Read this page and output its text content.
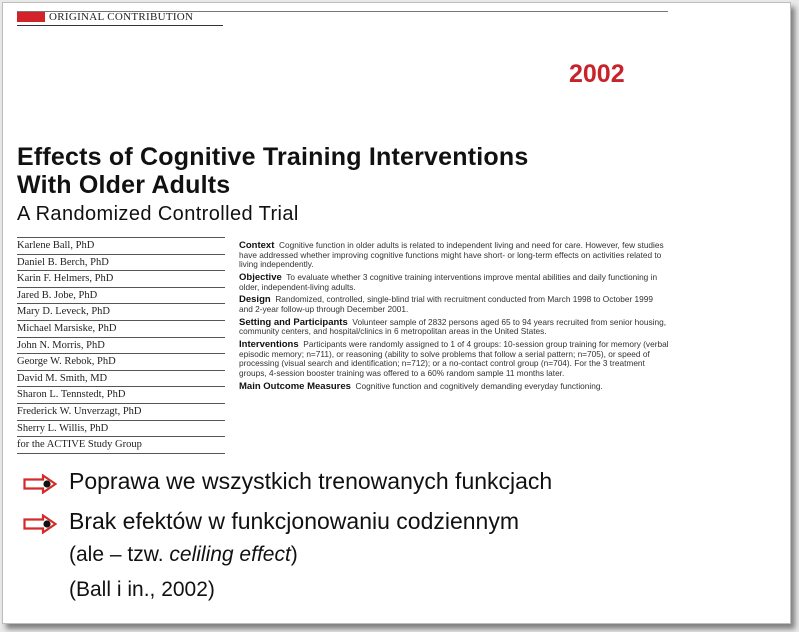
ORIGINAL CONTRIBUTION
2002
Effects of Cognitive Training Interventions
With Older Adults
A Randomized Controlled Trial
Karlene Ball, PhD
Daniel B. Berch, PhD
Karin F. Helmers, PhD
Jared B. Jobe, PhD
Mary D. Leveck, PhD
Michael Marsiske, PhD
John N. Morris, PhD
George W. Rebok, PhD
David M. Smith, MD
Sharon L. Tennstedt, PhD
Frederick W. Unverzagt, PhD
Sherry L. Willis, PhD
for the ACTIVE Study Group
Context Cognitive function in older adults is related to independent living and need for care. However, few studies have addressed whether improving cognitive functions might have short- or long-term effects on activities related to living independently.
Objective To evaluate whether 3 cognitive training interventions improve mental abilities and daily functioning in older, independent-living adults.
Design Randomized, controlled, single-blind trial with recruitment conducted from March 1998 to October 1999 and 2-year follow-up through December 2001.
Setting and Participants Volunteer sample of 2832 persons aged 65 to 94 years recruited from senior housing, community centers, and hospital/clinics in 6 metropolitan areas in the United States.
Interventions Participants were randomly assigned to 1 of 4 groups: 10-session group training for memory (verbal episodic memory; n=711), or reasoning (ability to solve problems that follow a serial pattern; n=705), or speed of processing (visual search and identification; n=712); or a no-contact control group (n=704). For the 3 treatment groups, 4-session booster training was offered to a 60% random sample 11 months later.
Main Outcome Measures Cognitive function and cognitively demanding everyday functioning.
Poprawa we wszystkich trenowanych funkcjach
Brak efektów w funkcjonowaniu codziennym
(ale – tzw. celiling effect)
(Ball i in., 2002)
